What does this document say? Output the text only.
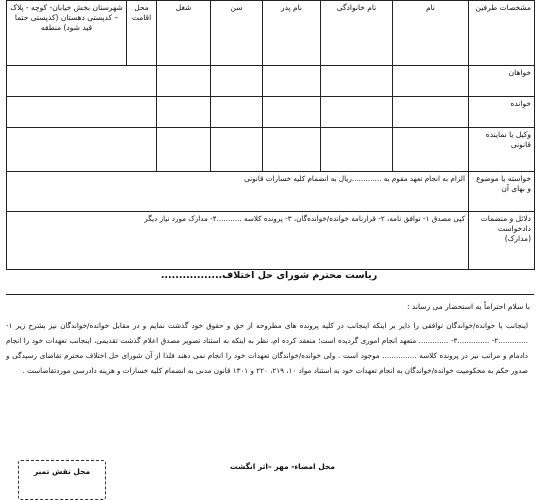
مشخصات طرفین	نام	نام خانوادگی	نام پدر	سن	شغل	محل اقامت	شهرستان بخش خیابان- کوچه - پلاک – کدپستی دهستان (کدپستی حتما قید شود) منطقه
خواهان							
خوانده							
وکیل یا نماینده قانونی							
خواسته یا موضوع و بهای آن	الزام به انجام تعهد مقوم به .............ریال به انضمام کلیه خسارات قانونی						
دلائل و منضمات دادخواست (مدارک)	کپی مصدق ۱- توافق نامه، ۲- قرارنامه خوانده/خوانده‌گان، ۳- پرونده کلاسه ...........۴- مدارک مورد نیاز دیگر						
ریاست محترم شورای حل اختلاف.................
با سلام احتراماً به استحضار می رساند :
اینجانب با خوانده/خواندگان توافقی را دایر بر اینکه اینجانب در کلیه پرونده های مطروحه از حق و حقوق خود گذشت نمایم و در مقابل خوانده/خواندگان نیز بشرح زیر ۱- .............۲- ..............۳- ............. متعهد انجام اموری گردیده است؛ منعقد کرده ام، نظر به اینکه به استناد تصویر مصدق اعلام گذشت تقدیمی، اینجانب تعهدات خود را انجام دادمام و مراتب نیز در پرونده کلاسه ............... موجود است . ولی خوانده/خواندگان تعهدات خود را انجام نمی دهند فلذا از آن شورای حل اختلاف محترم تقاضای رسیدگی و صدور حکم به محکومیت خوانده/خواندگان به انجام تعهدات خود به استناد مواد ۱۰، ۲۱۹، ۲۲۰ و ۱۳۰۱ قانون مدنی به انضمام کلیه خسارات و هزینه دادرسی موردتقاضاست .
محل امضاء- مهر –اثر انگشت
محل نقش تمبر
